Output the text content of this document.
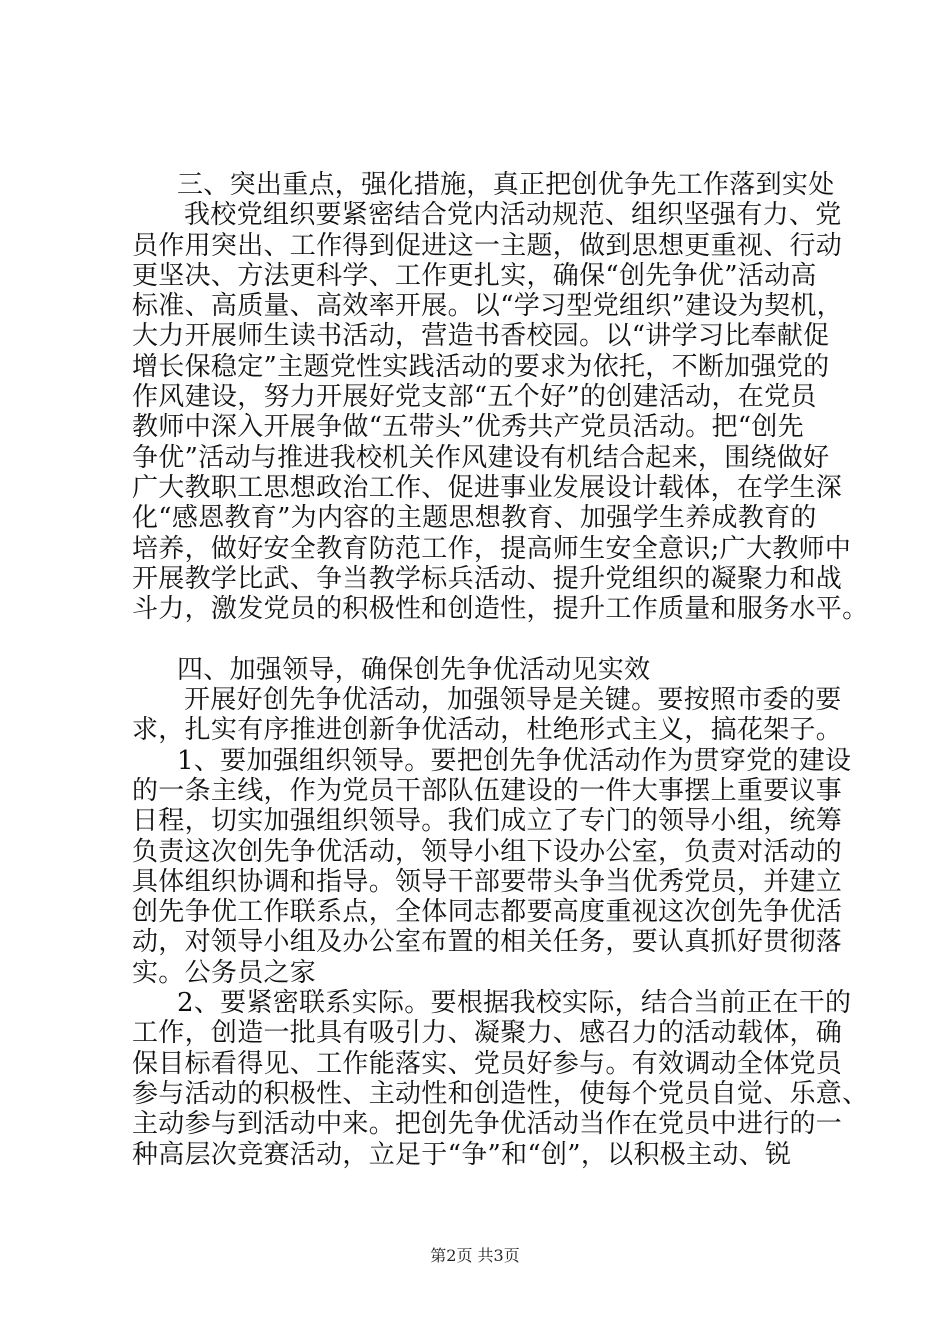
三、突出重点，强化措施，真正把创优争先工作落到实处
我校党组织要紧密结合党内活动规范、组织坚强有力、党
员作用突出、工作得到促进这一主题，做到思想更重视、行动
更坚决、方法更科学、工作更扎实，确保“创先争优”活动高
标准、高质量、高效率开展。以“学习型党组织”建设为契机，
大力开展师生读书活动，营造书香校园。以“讲学习比奉献促
增长保稳定”主题党性实践活动的要求为依托，不断加强党的
作风建设，努力开展好党支部“五个好”的创建活动，在党员
教师中深入开展争做“五带头”优秀共产党员活动。把“创先
争优”活动与推进我校机关作风建设有机结合起来，围绕做好
广大教职工思想政治工作、促进事业发展设计载体，在学生深
化“感恩教育”为内容的主题思想教育、加强学生养成教育的
培养，做好安全教育防范工作，提高师生安全意识;广大教师中
开展教学比武、争当教学标兵活动、提升党组织的凝聚力和战
斗力，激发党员的积极性和创造性，提升工作质量和服务水平。
四、加强领导，确保创先争优活动见实效
开展好创先争优活动，加强领导是关键。要按照市委的要
求，扎实有序推进创新争优活动，杜绝形式主义，搞花架子。
1、要加强组织领导。要把创先争优活动作为贯穿党的建设
的一条主线，作为党员干部队伍建设的一件大事摆上重要议事
日程，切实加强组织领导。我们成立了专门的领导小组，统筹
负责这次创先争优活动，领导小组下设办公室，负责对活动的
具体组织协调和指导。领导干部要带头争当优秀党员，并建立
创先争优工作联系点，全体同志都要高度重视这次创先争优活
动，对领导小组及办公室布置的相关任务，要认真抓好贯彻落
实。公务员之家
2、要紧密联系实际。要根据我校实际，结合当前正在干的
工作，创造一批具有吸引力、凝聚力、感召力的活动载体，确
保目标看得见、工作能落实、党员好参与。有效调动全体党员
参与活动的积极性、主动性和创造性，使每个党员自觉、乐意、
主动参与到活动中来。把创先争优活动当作在党员中进行的一
种高层次竞赛活动，立足于“争”和“创”，以积极主动、锐
第2页 共3页
